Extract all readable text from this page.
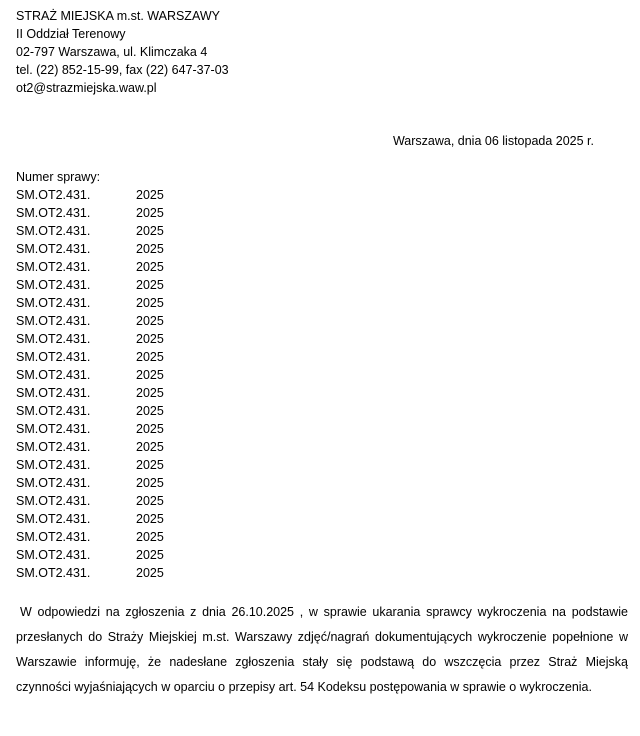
STRAŻ MIEJSKA m.st. WARSZAWY
II Oddział Terenowy
02-797 Warszawa, ul. Klimczaka 4
tel. (22) 852-15-99, fax (22) 647-37-03
ot2@strazmiejska.waw.pl
Warszawa, dnia 06 listopada 2025 r.
Numer sprawy:
SM.OT2.431.	2025
SM.OT2.431.	2025
SM.OT2.431.	2025
SM.OT2.431.	2025
SM.OT2.431.	2025
SM.OT2.431.	2025
SM.OT2.431.	2025
SM.OT2.431.	2025
SM.OT2.431.	2025
SM.OT2.431.	2025
SM.OT2.431.	2025
SM.OT2.431.	2025
SM.OT2.431.	2025
SM.OT2.431.	2025
SM.OT2.431.	2025
SM.OT2.431.	2025
SM.OT2.431.	2025
SM.OT2.431.	2025
SM.OT2.431.	2025
SM.OT2.431.	2025
SM.OT2.431.	2025
SM.OT2.431.	2025
W odpowiedzi na zgłoszenia z dnia 26.10.2025 , w sprawie ukarania sprawcy wykroczenia na podstawie przesłanych do Straży Miejskiej m.st. Warszawy zdjęć/nagrań dokumentujących wykroczenie popełnione w Warszawie informuję, że nadesłane zgłoszenia stały się podstawą do wszczęcia przez Straż Miejską czynności wyjaśniających w oparciu o przepisy art. 54 Kodeksu postępowania w sprawie o wykroczenia.
